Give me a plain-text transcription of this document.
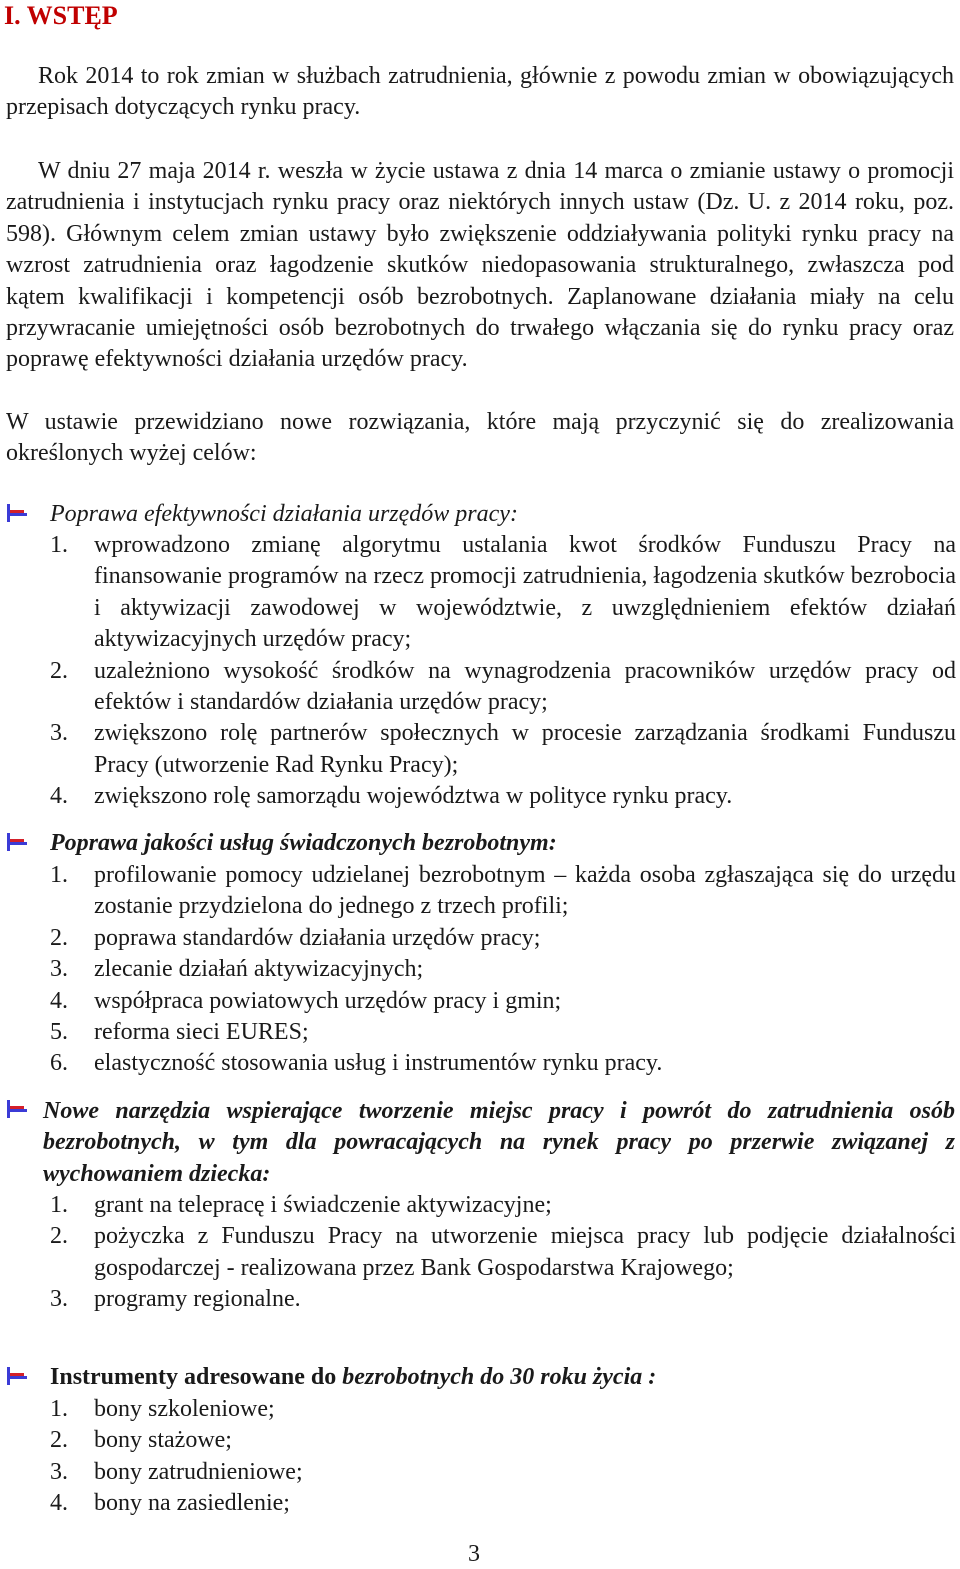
I. WSTĘP

Rok 2014 to rok zmian w służbach zatrudnienia, głównie z powodu zmian w obowiązujących przepisach dotyczących rynku pracy.

W dniu 27 maja 2014 r. weszła w życie ustawa z dnia 14 marca o zmianie ustawy o promocji zatrudnienia i instytucjach rynku pracy oraz niektórych innych ustaw (Dz. U. z 2014 roku, poz. 598). Głównym celem zmian ustawy było zwiększenie oddziaływania polityki rynku pracy na wzrost zatrudnienia oraz łagodzenie skutków niedopasowania strukturalnego, zwłaszcza pod kątem kwalifikacji i kompetencji osób bezrobotnych. Zaplanowane działania miały na celu przywracanie umiejętności osób bezrobotnych do trwałego włączania się do rynku pracy oraz poprawę efektywności działania urzędów pracy.

W ustawie przewidziano nowe rozwiązania, które mają przyczynić się do zrealizowania określonych wyżej celów:

Poprawa efektywności działania urzędów pracy:
1. wprowadzono zmianę algorytmu ustalania kwot środków Funduszu Pracy na finansowanie programów na rzecz promocji zatrudnienia, łagodzenia skutków bezrobocia i aktywizacji zawodowej w województwie, z uwzględnieniem efektów działań aktywizacyjnych urzędów pracy;
2. uzależniono wysokość środków na wynagrodzenia pracowników urzędów pracy od efektów i standardów działania urzędów pracy;
3. zwiększono rolę partnerów społecznych w procesie zarządzania środkami Funduszu Pracy (utworzenie Rad Rynku Pracy);
4. zwiększono rolę samorządu województwa w polityce rynku pracy.
Poprawa jakości usług świadczonych bezrobotnym:
1. profilowanie pomocy udzielanej bezrobotnym – każda osoba zgłaszająca się do urzędu zostanie przydzielona do jednego z trzech profili;
2. poprawa standardów działania urzędów pracy;
3. zlecanie działań aktywizacyjnych;
4. współpraca powiatowych urzędów pracy i gmin;
5. reforma sieci EURES;
6. elastyczność stosowania usług i instrumentów rynku pracy.
Nowe narzędzia wspierające tworzenie miejsc pracy i powrót do zatrudnienia osób bezrobotnych, w tym dla powracających na rynek pracy po przerwie związanej z wychowaniem dziecka:
1. grant na telepracę i świadczenie aktywizacyjne;
2. pożyczka z Funduszu Pracy na utworzenie miejsca pracy lub podjęcie działalności gospodarczej - realizowana przez Bank Gospodarstwa Krajowego;
3. programy regionalne.
Instrumenty adresowane do bezrobotnych do 30 roku życia :
1. bony szkoleniowe;
2. bony stażowe;
3. bony zatrudnieniowe;
4. bony na zasiedlenie;
3
